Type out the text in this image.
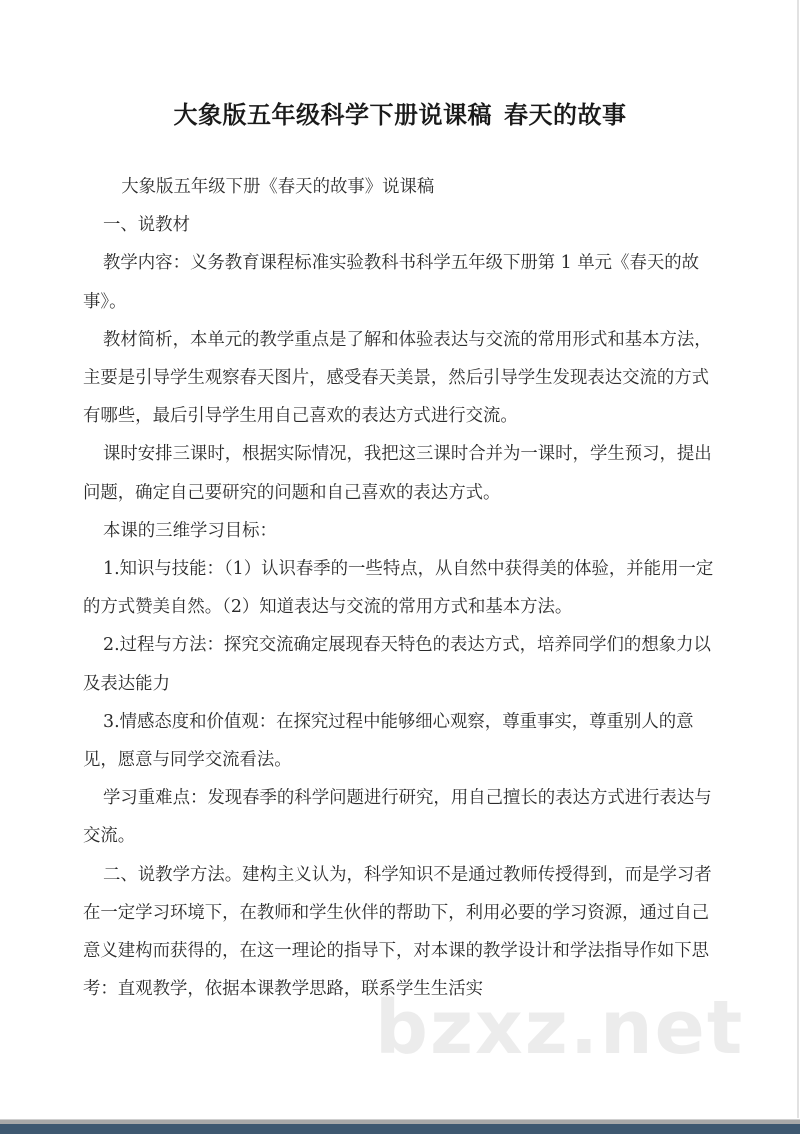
大象版五年级科学下册说课稿 春天的故事

大象版五年级下册《春天的故事》说课稿

一、说教材

教学内容：义务教育课程标准实验教科书科学五年级下册第 1 单元《春天的故事》。

教材简析，本单元的教学重点是了解和体验表达与交流的常用形式和基本方法，主要是引导学生观察春天图片，感受春天美景，然后引导学生发现表达交流的方式有哪些，最后引导学生用自己喜欢的表达方式进行交流。

课时安排三课时，根据实际情况，我把这三课时合并为一课时，学生预习，提出问题，确定自己要研究的问题和自己喜欢的表达方式。

本课的三维学习目标：

1.知识与技能：（1）认识春季的一些特点，从自然中获得美的体验，并能用一定的方式赞美自然。（2）知道表达与交流的常用方式和基本方法。

2.过程与方法：探究交流确定展现春天特色的表达方式，培养同学们的想象力以及表达能力

3.情感态度和价值观：在探究过程中能够细心观察，尊重事实，尊重别人的意见，愿意与同学交流看法。

学习重难点：发现春季的科学问题进行研究，用自己擅长的表达方式进行表达与交流。

二、说教学方法。建构主义认为，科学知识不是通过教师传授得到，而是学习者在一定学习环境下，在教师和学生伙伴的帮助下，利用必要的学习资源，通过自己意义建构而获得的，在这一理论的指导下，对本课的教学设计和学法指导作如下思考：直观教学，依据本课教学思路，联系学生生活实

bzxz.net
